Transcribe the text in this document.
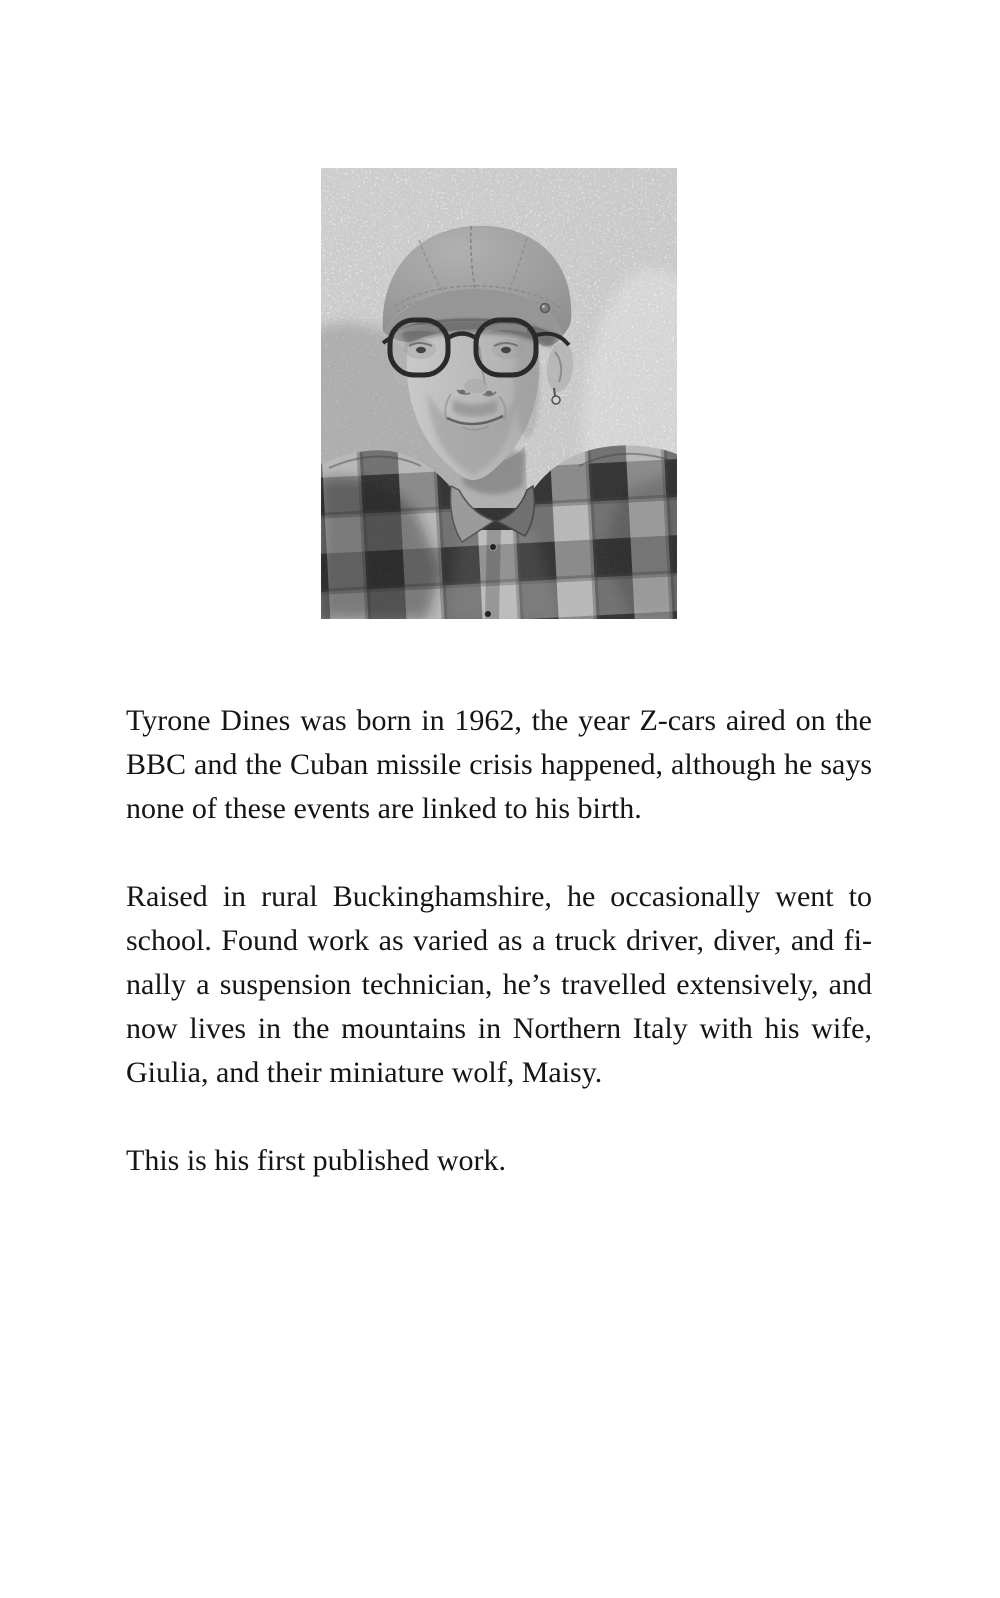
Tyrone Dines was born in 1962, the year Z-cars aired on the
BBC and the Cuban missile crisis happened, although he says
none of these events are linked to his birth.
Raised in rural Buckinghamshire, he occasionally went to
school. Found work as varied as a truck driver, diver, and fi-
nally a suspension technician, he’s travelled extensively, and
now lives in the mountains in Northern Italy with his wife,
Giulia, and their miniature wolf, Maisy.
This is his first published work.
